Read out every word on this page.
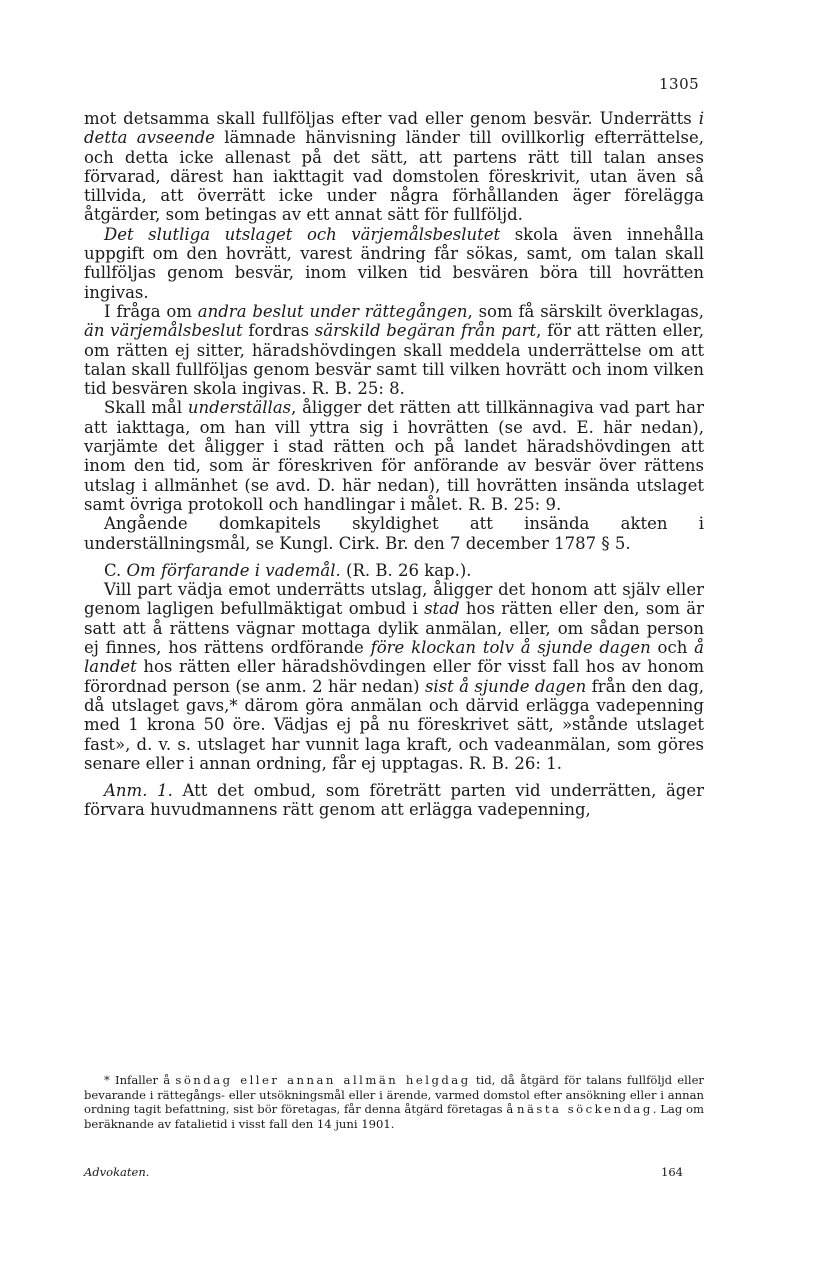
1305

mot detsamma skall fullföljas efter vad eller genom besvär. Underrätts i detta avseende lämnade hänvisning länder till ovillkorlig efterrättelse, och detta icke allenast på det sätt, att partens rätt till talan anses förvarad, därest han iakttagit vad domstolen föreskrivit, utan även så tillvida, att överrätt icke under några förhållanden äger förelägga åtgärder, som betingas av ett annat sätt för fullföljd.

Det slutliga utslaget och värjemålsbeslutet skola även innehålla uppgift om den hovrätt, varest ändring får sökas, samt, om talan skall fullföljas genom besvär, inom vilken tid besvären böra till hovrätten ingivas.

I fråga om andra beslut under rättegången, som få särskilt överklagas, än värjemålsbeslut fordras särskild begäran från part, för att rätten eller, om rätten ej sitter, häradshövdingen skall meddela underrättelse om att talan skall fullföljas genom besvär samt till vilken hovrätt och inom vilken tid besvären skola ingivas. R. B. 25: 8.

Skall mål underställas, åligger det rätten att tillkännagiva vad part har att iakttaga, om han vill yttra sig i hovrätten (se avd. E. här nedan), varjämte det åligger i stad rätten och på landet häradshövdingen att inom den tid, som är föreskriven för anförande av besvär över rättens utslag i allmänhet (se avd. D. här nedan), till hovrätten insända utslaget samt övriga protokoll och handlingar i målet. R. B. 25: 9.

Angående domkapitels skyldighet att insända akten i underställningsmål, se Kungl. Cirk. Br. den 7 december 1787 § 5.

C. Om förfarande i vademål. (R. B. 26 kap.).

Vill part vädja emot underrätts utslag, åligger det honom att själv eller genom lagligen befullmäktigat ombud i stad hos rätten eller den, som är satt att å rättens vägnar mottaga dylik anmälan, eller, om sådan person ej finnes, hos rättens ordförande före klockan tolv å sjunde dagen och å landet hos rätten eller häradshövdingen eller för visst fall hos av honom förordnad person (se anm. 2 här nedan) sist å sjunde dagen från den dag, då utslaget gavs,* därom göra anmälan och därvid erlägga vadepenning med 1 krona 50 öre. Vädjas ej på nu föreskrivet sätt, »stånde utslaget fast», d. v. s. utslaget har vunnit laga kraft, och vadeanmälan, som göres senare eller i annan ordning, får ej upptagas. R. B. 26: 1.

Anm. 1. Att det ombud, som företrätt parten vid underrätten, äger förvara huvudmannens rätt genom att erlägga vadepenning,

* Infaller å söndag eller annan allmän helgdag tid, då åtgärd för talans fullföljd eller bevarande i rättegångs- eller utsökningsmål eller i ärende, varmed domstol efter ansökning eller i annan ordning tagit befattning, sist bör företagas, får denna åtgärd företagas å nästa söckendag. Lag om beräknande av fatalietid i visst fall den 14 juni 1901.

Advokaten.	164
